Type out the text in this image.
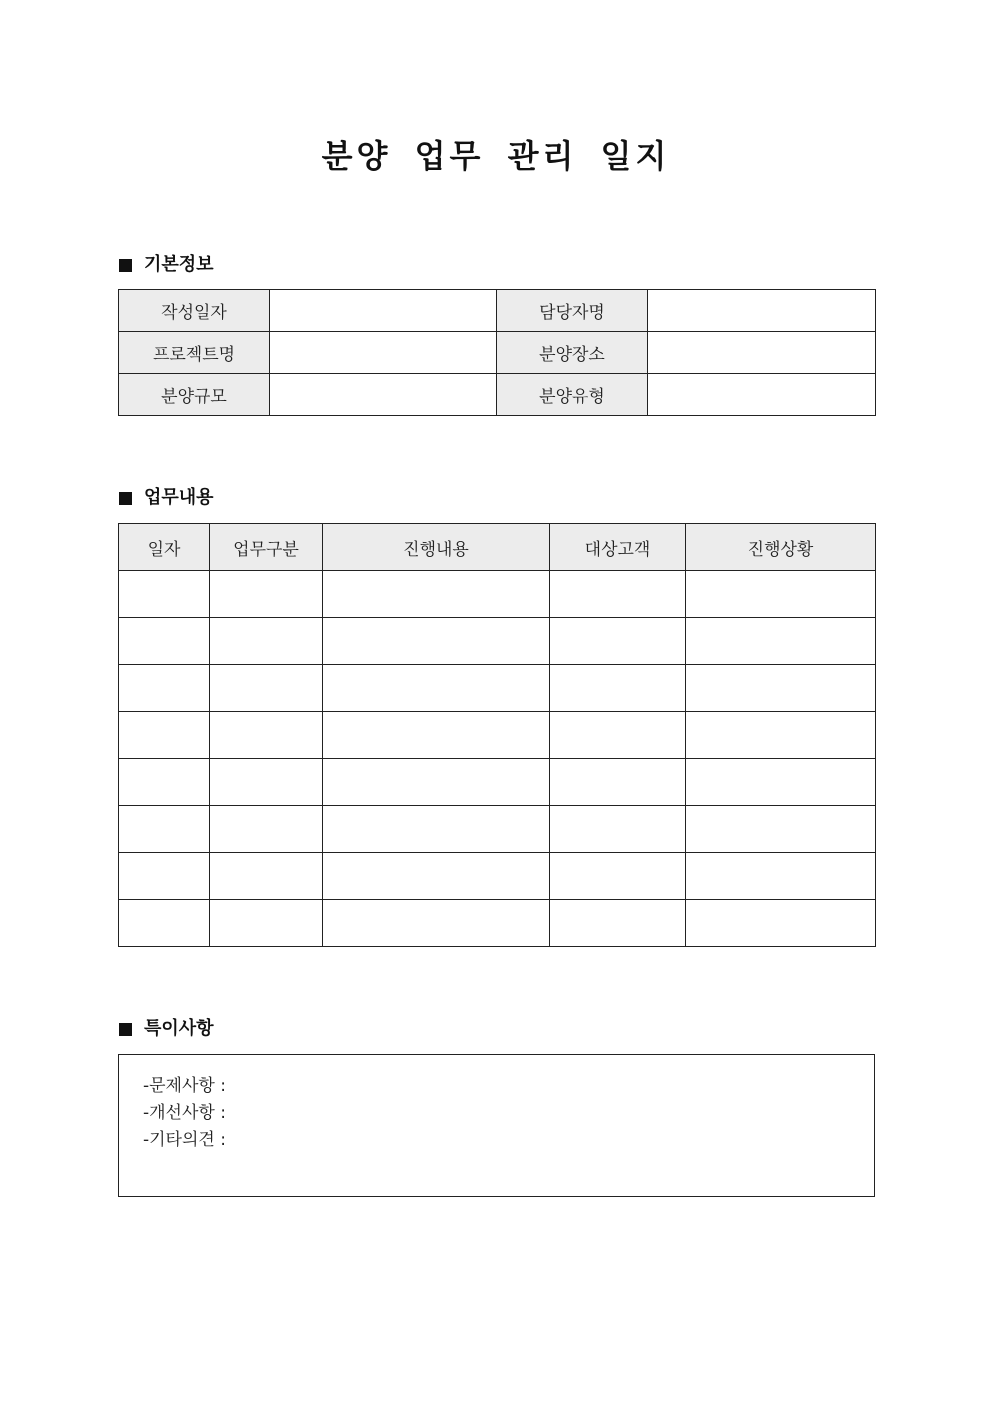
분양 업무 관리 일지
기본정보
작성일자		담당자명	
프로젝트명		분양장소	
분양규모		분양유형	
업무내용
일자	업무구분	진행내용	대상고객	진행상황

특이사항
-문제사항 :
-개선사항 :
-기타의견 :
